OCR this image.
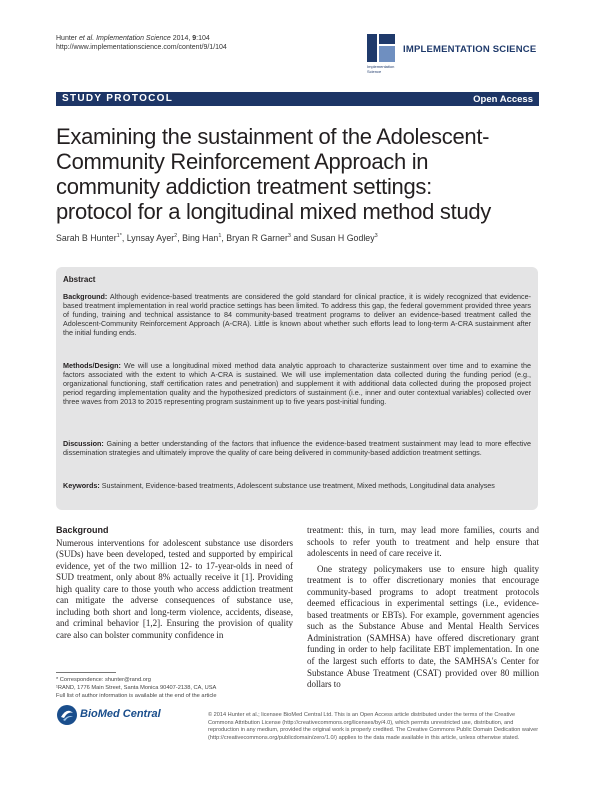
Hunter et al. Implementation Science 2014, 9:104
http://www.implementationscience.com/content/9/1/104	IMPLEMENTATION SCIENCE
Implementation
Science
STUDY PROTOCOL	Open Access
Examining the sustainment of the Adolescent-
Community Reinforcement Approach in
community addiction treatment settings:
protocol for a longitudinal mixed method study
Sarah B Hunter$^{1*}$, Lynsay Ayer$^2$, Bing Han$^1$, Bryan R Garner$^3$ and Susan H Godley$^3$
Abstract

Background: Although evidence-based treatments are considered the gold standard for clinical practice, it is widely recognized that evidence-based treatment implementation in real world practice settings has been limited. To address this gap, the federal government provided three years of funding, training and technical assistance to 84 community-based treatment programs to deliver an evidence-based treatment called the Adolescent-Community Reinforcement Approach (A-CRA). Little is known about whether such efforts lead to long-term A-CRA sustainment after the initial funding ends.

Methods/Design: We will use a longitudinal mixed method data analytic approach to characterize sustainment over time and to examine the factors associated with the extent to which A-CRA is sustained. We will use implementation data collected during the funding period (e.g., organizational functioning, staff certification rates and penetration) and supplement it with additional data collected during the proposed project period regarding implementation quality and the hypothesized predictors of sustainment (i.e., inner and outer contextual variables) collected over three waves from 2013 to 2015 representing program sustainment up to five years post-initial funding.

Discussion: Gaining a better understanding of the factors that influence the evidence-based treatment sustainment may lead to more effective dissemination strategies and ultimately improve the quality of care being delivered in community-based addiction treatment settings.

Keywords: Sustainment, Evidence-based treatments, Adolescent substance use treatment, Mixed methods, Longitudinal data analyses

Background

Numerous interventions for adolescent substance use disorders (SUDs) have been developed, tested and supported by empirical evidence, yet of the two million 12- to 17-year-olds in need of SUD treatment, only about 8% actually receive it [1]. Providing high quality care to those youth who access addiction treatment can mitigate the adverse consequences of substance use, including both short and long-term violence, accidents, disease, and criminal behavior [1,2]. Ensuring the provision of quality care also can bolster community confidence in

treatment: this, in turn, may lead more families, courts and schools to refer youth to treatment and help ensure that adolescents in need of care receive it.

One strategy policymakers use to ensure high quality treatment is to offer discretionary monies that encourage community-based programs to adopt treatment protocols deemed efficacious in experimental settings (i.e., evidence-based treatments or EBTs). For example, government agencies such as the Substance Abuse and Mental Health Services Administration (SAMHSA) have offered discretionary grant funding in order to help facilitate EBT implementation. In one of the largest such efforts to date, the SAMHSA's Center for Substance Abuse Treatment (CSAT) provided over 80 million dollars to

* Correspondence: shunter@rand.org
¹RAND, 1776 Main Street, Santa Monica 90407-2138, CA, USA
Full list of author information is available at the end of the article
BioMed Central	© 2014 Hunter et al.; licensee BioMed Central Ltd. This is an Open Access article distributed under the terms of the Creative Commons Attribution License (http://creativecommons.org/licenses/by/4.0), which permits unrestricted use, distribution, and reproduction in any medium, provided the original work is properly credited. The Creative Commons Public Domain Dedication waiver (http://creativecommons.org/publicdomain/zero/1.0/) applies to the data made available in this article, unless otherwise stated.
